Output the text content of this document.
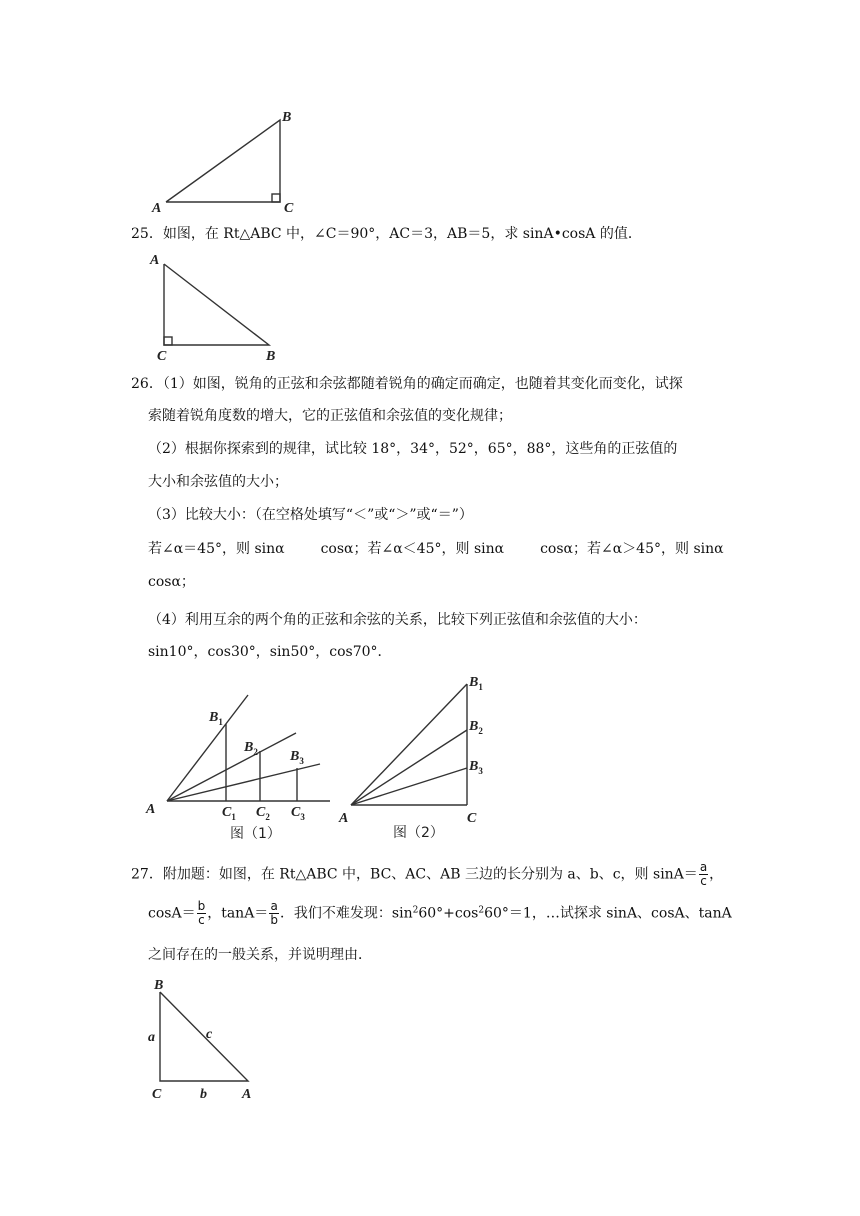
B
A	C
25．如图，在 Rt△ABC 中，∠C＝90°，AC＝3，AB＝5，求 sinA•cosA 的值．
A
C	B
26．（1）如图，锐角的正弦和余弦都随着锐角的确定而确定，也随着其变化而变化，试探
索随着锐角度数的增大，它的正弦值和余弦值的变化规律；
（2）根据你探索到的规律，试比较 18°，34°，52°，65°，88°，这些角的正弦值的
大小和余弦值的大小；
（3）比较大小：（在空格处填写“＜”或“＞”或“＝”）
若∠α＝45°，则 sinα	cosα；若∠α＜45°，则 sinα	cosα；若∠α＞45°，则 sinα
cosα；
（4）利用互余的两个角的正弦和余弦的关系，比较下列正弦值和余弦值的大小：
sin10°，cos30°，sin50°，cos70°．
A
$B_1$
$B_2$ $B_3$
$C_1$ $C_2$ $C_3$
图（1）
A
$B_1$
$B_2$
$B_3$
C
图（2）
27．附加题：如图，在 Rt△ABC 中，BC、AC、AB 三边的长分别为 a、b、c，则 $\sin A= \frac{a}{c}$ ，
$\cos A= \frac{b}{c}$ ，$\tan A= \frac{a}{b}$ ．我们不难发现：$\sin^260^\circ+\cos^260^\circ=1$，…试探求 sinA、cosA、tanA
之间存在的一般关系，并说明理由．
B
a	c
C	b	A
